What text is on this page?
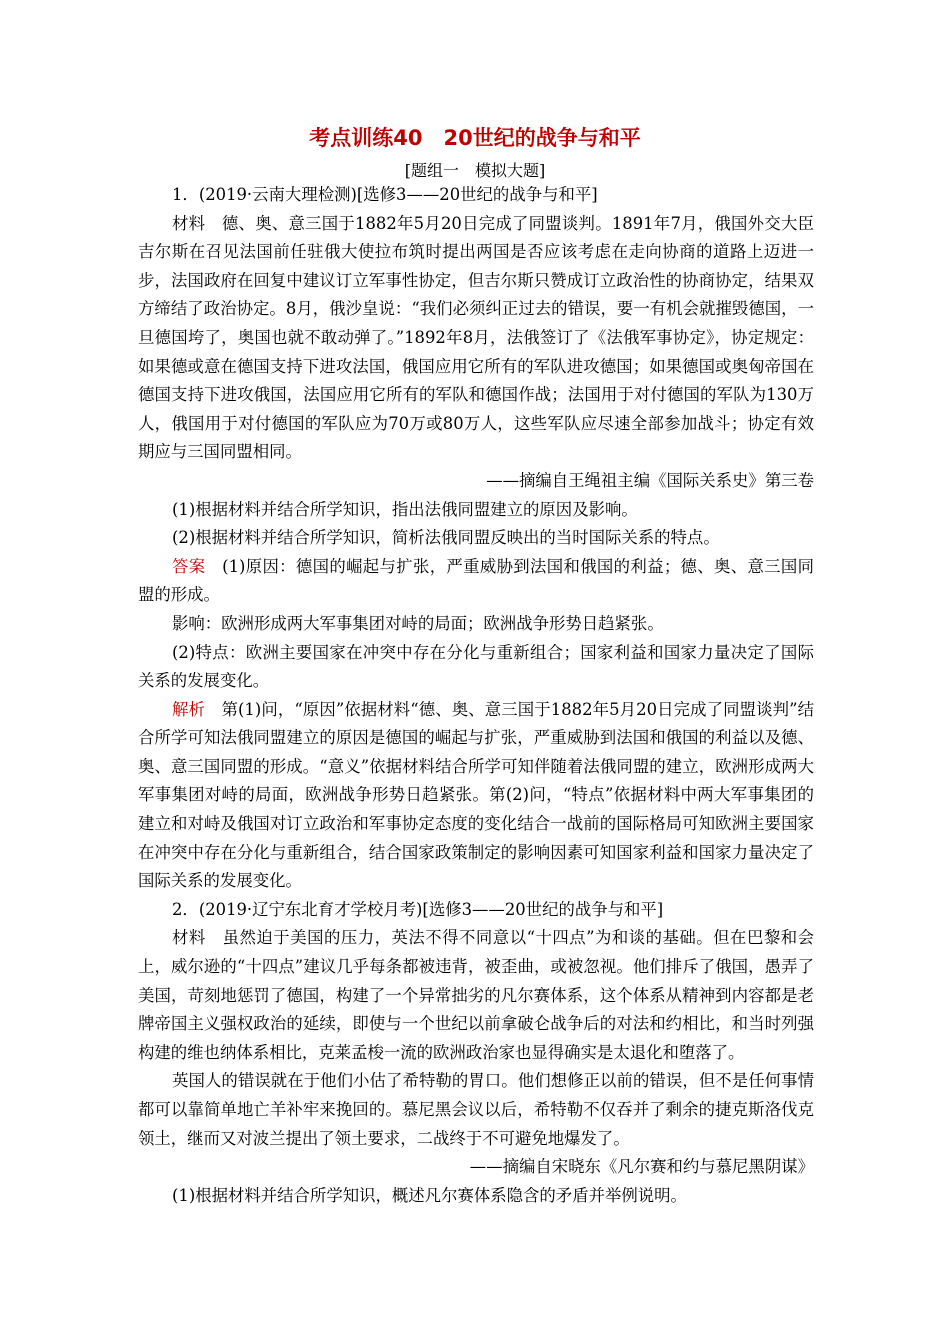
考点训练40　20世纪的战争与和平
[题组一　模拟大题]

1．(2019·云南大理检测)[选修3——20世纪的战争与和平]

材料　德、奥、意三国于1882年5月20日完成了同盟谈判。1891年7月，俄国外交大臣吉尔斯在召见法国前任驻俄大使拉布筑时提出两国是否应该考虑在走向协商的道路上迈进一步，法国政府在回复中建议订立军事性协定，但吉尔斯只赞成订立政治性的协商协定，结果双方缔结了政治协定。8月，俄沙皇说：“我们必须纠正过去的错误，要一有机会就摧毁德国，一旦德国垮了，奥国也就不敢动弹了。”1892年8月，法俄签订了《法俄军事协定》，协定规定：如果德或意在德国支持下进攻法国，俄国应用它所有的军队进攻德国；如果德国或奥匈帝国在德国支持下进攻俄国，法国应用它所有的军队和德国作战；法国用于对付德国的军队为130万人，俄国用于对付德国的军队应为70万或80万人，这些军队应尽速全部参加战斗；协定有效期应与三国同盟相同。

——摘编自王绳祖主编《国际关系史》第三卷

(1)根据材料并结合所学知识，指出法俄同盟建立的原因及影响。

(2)根据材料并结合所学知识，简析法俄同盟反映出的当时国际关系的特点。

答案　(1)原因：德国的崛起与扩张，严重威胁到法国和俄国的利益；德、奥、意三国同盟的形成。

影响：欧洲形成两大军事集团对峙的局面；欧洲战争形势日趋紧张。

(2)特点：欧洲主要国家在冲突中存在分化与重新组合；国家利益和国家力量决定了国际关系的发展变化。

解析　第(1)问，“原因”依据材料“德、奥、意三国于1882年5月20日完成了同盟谈判”结合所学可知法俄同盟建立的原因是德国的崛起与扩张，严重威胁到法国和俄国的利益以及德、奥、意三国同盟的形成。“意义”依据材料结合所学可知伴随着法俄同盟的建立，欧洲形成两大军事集团对峙的局面，欧洲战争形势日趋紧张。第(2)问，“特点”依据材料中两大军事集团的建立和对峙及俄国对订立政治和军事协定态度的变化结合一战前的国际格局可知欧洲主要国家在冲突中存在分化与重新组合，结合国家政策制定的影响因素可知国家利益和国家力量决定了国际关系的发展变化。

2．(2019·辽宁东北育才学校月考)[选修3——20世纪的战争与和平]

材料　虽然迫于美国的压力，英法不得不同意以“十四点”为和谈的基础。但在巴黎和会上，威尔逊的“十四点”建议几乎每条都被违背，被歪曲，或被忽视。他们排斥了俄国，愚弄了美国，苛刻地惩罚了德国，构建了一个异常拙劣的凡尔赛体系，这个体系从精神到内容都是老牌帝国主义强权政治的延续，即使与一个世纪以前拿破仑战争后的对法和约相比，和当时列强构建的维也纳体系相比，克莱孟梭一流的欧洲政治家也显得确实是太退化和堕落了。

英国人的错误就在于他们小估了希特勒的胃口。他们想修正以前的错误，但不是任何事情都可以靠简单地亡羊补牢来挽回的。慕尼黑会议以后，希特勒不仅吞并了剩余的捷克斯洛伐克领土，继而又对波兰提出了领土要求，二战终于不可避免地爆发了。

——摘编自宋晓东《凡尔赛和约与慕尼黑阴谋》

(1)根据材料并结合所学知识，概述凡尔赛体系隐含的矛盾并举例说明。
